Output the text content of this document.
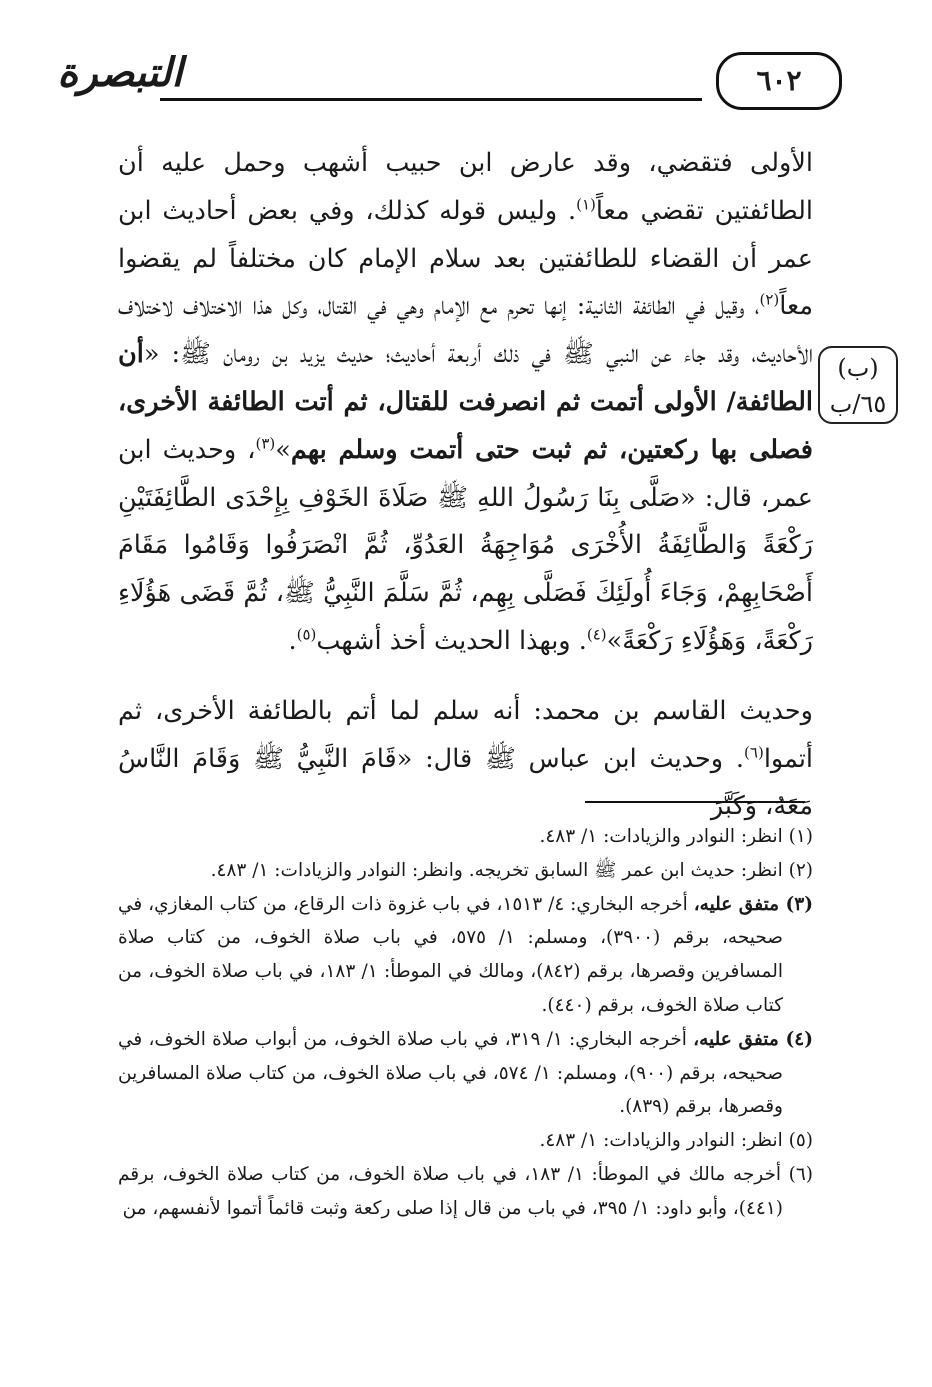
التبصرة	٦٠٢
(ب)
٦٥/ب

الأولى فتقضي، وقد عارض ابن حبيب أشهب وحمل عليه أن الطائفتين تقضي معاً$^{(١)}$. وليس قوله كذلك، وفي بعض أحاديث ابن عمر أن القضاء للطائفتين بعد سلام الإمام كان مختلفاً لم يقضوا معاً$^{(٢)}$، وقيل في الطائفة الثانية: إنها تحرم مع الإمام وهي في القتال، وكل هذا الاختلاف لاختلاف الأحاديث، وقد جاء عن النبي ﷺ في ذلك أربعة أحاديث؛ حديث يزيد بن رومان ﷺ: «أن الطائفة/ الأولى أتمت ثم انصرفت للقتال، ثم أتت الطائفة الأخرى، فصلى بها ركعتين، ثم ثبت حتى أتمت وسلم بهم»$^{(٣)}$، وحديث ابن عمر، قال: «صَلَّى بِنَا رَسُولُ اللهِ ﷺ صَلَاةَ الخَوْفِ بِإِحْدَى الطَّائِفَتَيْنِ رَكْعَةً وَالطَّائِفَةُ الأُخْرَى مُوَاجِهَةُ العَدُوِّ، ثُمَّ انْصَرَفُوا وَقَامُوا مَقَامَ أَصْحَابِهِمْ، وَجَاءَ أُولَئِكَ فَصَلَّى بِهِم، ثُمَّ سَلَّمَ النَّبِيُّ ﷺ، ثُمَّ قَضَى هَؤُلَاءِ رَكْعَةً، وَهَؤُلَاءِ رَكْعَةً»$^{(٤)}$. وبهذا الحديث أخذ أشهب$^{(٥)}$.

وحديث القاسم بن محمد: أنه سلم لما أتم بالطائفة الأخرى، ثم أتموا$^{(٦)}$. وحديث ابن عباس ﷺ قال: «قَامَ النَّبِيُّ ﷺ وَقَامَ النَّاسُ مَعَهُ، وَكَبَّرَ

(١) انظر: النوادر والزيادات: ١/ ٤٨٣.

(٢) انظر: حديث ابن عمر ﷺ السابق تخريجه. وانظر: النوادر والزيادات: ١/ ٤٨٣.

(٣) متفق عليه، أخرجه البخاري: ٤/ ١٥١٣، في باب غزوة ذات الرقاع، من كتاب المغازي، في صحيحه، برقم (٣٩٠٠)، ومسلم: ١/ ٥٧٥، في باب صلاة الخوف، من كتاب صلاة المسافرين وقصرها، برقم (٨٤٢)، ومالك في الموطأ: ١/ ١٨٣، في باب صلاة الخوف، من كتاب صلاة الخوف، برقم (٤٤٠).

(٤) متفق عليه، أخرجه البخاري: ١/ ٣١٩، في باب صلاة الخوف، من أبواب صلاة الخوف، في صحيحه، برقم (٩٠٠)، ومسلم: ١/ ٥٧٤، في باب صلاة الخوف، من كتاب صلاة المسافرين وقصرها، برقم (٨٣٩).

(٥) انظر: النوادر والزيادات: ١/ ٤٨٣.

(٦) أخرجه مالك في الموطأ: ١/ ١٨٣، في باب صلاة الخوف، من كتاب صلاة الخوف، برقم (٤٤١)، وأبو داود: ١/ ٣٩٥، في باب من قال إذا صلى ركعة وثبت قائماً أتموا لأنفسهم، من
